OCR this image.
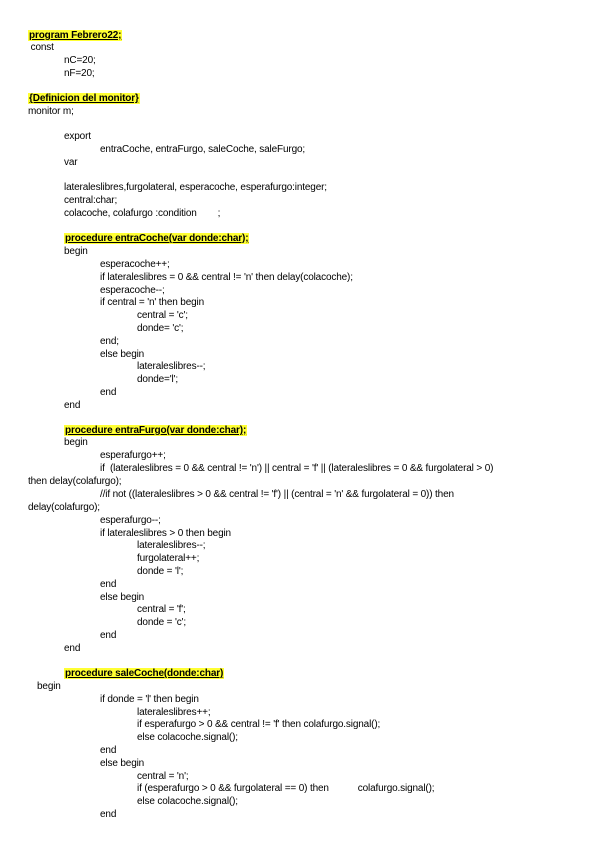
program Febrero22;
const
nC=20;
nF=20;
{Definicion del monitor}
monitor m;
export
entraCoche, entraFurgo, saleCoche, saleFurgo;
var
lateraleslibres,furgolateral, esperacoche, esperafurgo:integer;
central:char;
colacoche, colafurgo :condition        ;
procedure entraCoche(var donde:char);
begin
esperacoche++;
if lateraleslibres = 0 && central != 'n' then delay(colacoche);
esperacoche--;
if central = 'n' then begin
central = 'c';
donde= 'c';
end;
else begin
lateraleslibres--;
donde='l';
end
end
procedure entraFurgo(var donde:char);
begin
esperafurgo++;
if  (lateraleslibres = 0 && central != 'n') || central = 'f' || (lateraleslibres = 0 && furgolateral > 0)
then delay(colafurgo);
//if not ((lateraleslibres > 0 && central != 'f') || (central = 'n' && furgolateral = 0)) then
delay(colafurgo);
esperafurgo--;
if lateraleslibres > 0 then begin
lateraleslibres--;
furgolateral++;
donde = 'l';
end
else begin
central = 'f';
donde = 'c';
end
end
procedure saleCoche(donde:char)
begin
if donde = 'l' then begin
lateraleslibres++;
if esperafurgo > 0 && central != 'f' then colafurgo.signal();
else colacoche.signal();
end
else begin
central = 'n';
if (esperafurgo > 0 && furgolateral == 0) then           colafurgo.signal();
else colacoche.signal();
end
